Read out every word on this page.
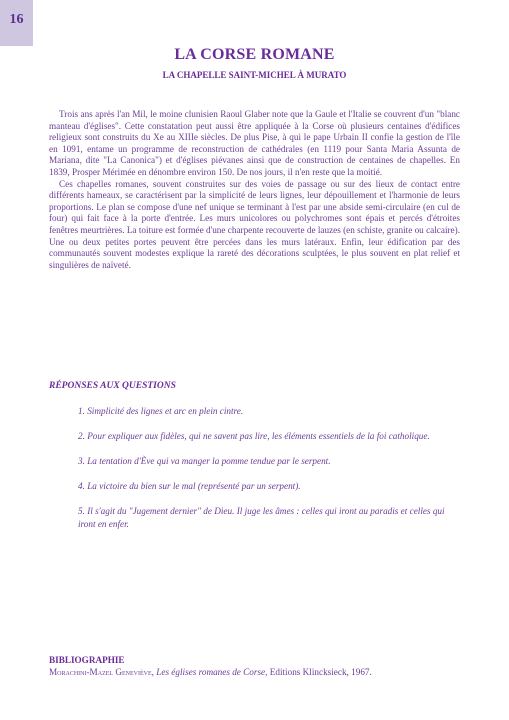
16
LA CORSE ROMANE
LA CHAPELLE SAINT-MICHEL À MURATO

Trois ans après l'an Mil, le moine clunisien Raoul Glaber note que la Gaule et l'Italie se couvrent d'un "blanc manteau d'églises". Cette constatation peut aussi être appliquée à la Corse où plusieurs centaines d'édifices religieux sont construits du Xe au XIIIe siècles. De plus Pise, à qui le pape Urbain II confie la gestion de l'île en 1091, entame un programme de reconstruction de cathédrales (en 1119 pour Santa Maria Assunta de Mariana, dite "La Canonica") et d'églises piévanes ainsi que de construction de centaines de chapelles. En 1839, Prosper Mérimée en dénombre environ 150. De nos jours, il n'en reste que la moitié.

Ces chapelles romanes, souvent construites sur des voies de passage ou sur des lieux de contact entre différents hameaux, se caractérisent par la simplicité de leurs lignes, leur dépouillement et l'harmonie de leurs proportions. Le plan se compose d'une nef unique se terminant à l'est par une abside semi-circulaire (en cul de four) qui fait face à la porte d'entrée. Les murs unicolores ou polychromes sont épais et percés d'étroites fenêtres meurtrières. La toiture est formée d'une charpente recouverte de lauzes (en schiste, granite ou calcaire). Une ou deux petites portes peuvent être percées dans les murs latéraux. Enfin, leur édification par des communautés souvent modestes explique la rareté des décorations sculptées, le plus souvent en plat relief et singulières de naïveté.

RÉPONSES AUX QUESTIONS
1. Simplicité des lignes et arc en plein cintre.
2. Pour expliquer aux fidèles, qui ne savent pas lire, les éléments essentiels de la foi catholique.
3. La tentation d'Ève qui va manger la pomme tendue par le serpent.
4. La victoire du bien sur le mal (représenté par un serpent).
5. Il s'agit du "Jugement dernier" de Dieu. Il juge les âmes : celles qui iront au paradis et celles qui iront en enfer.
BIBLIOGRAPHIE
Morachini-Mazel Geneviève, Les églises romanes de Corse, Editions Klincksieck, 1967.
